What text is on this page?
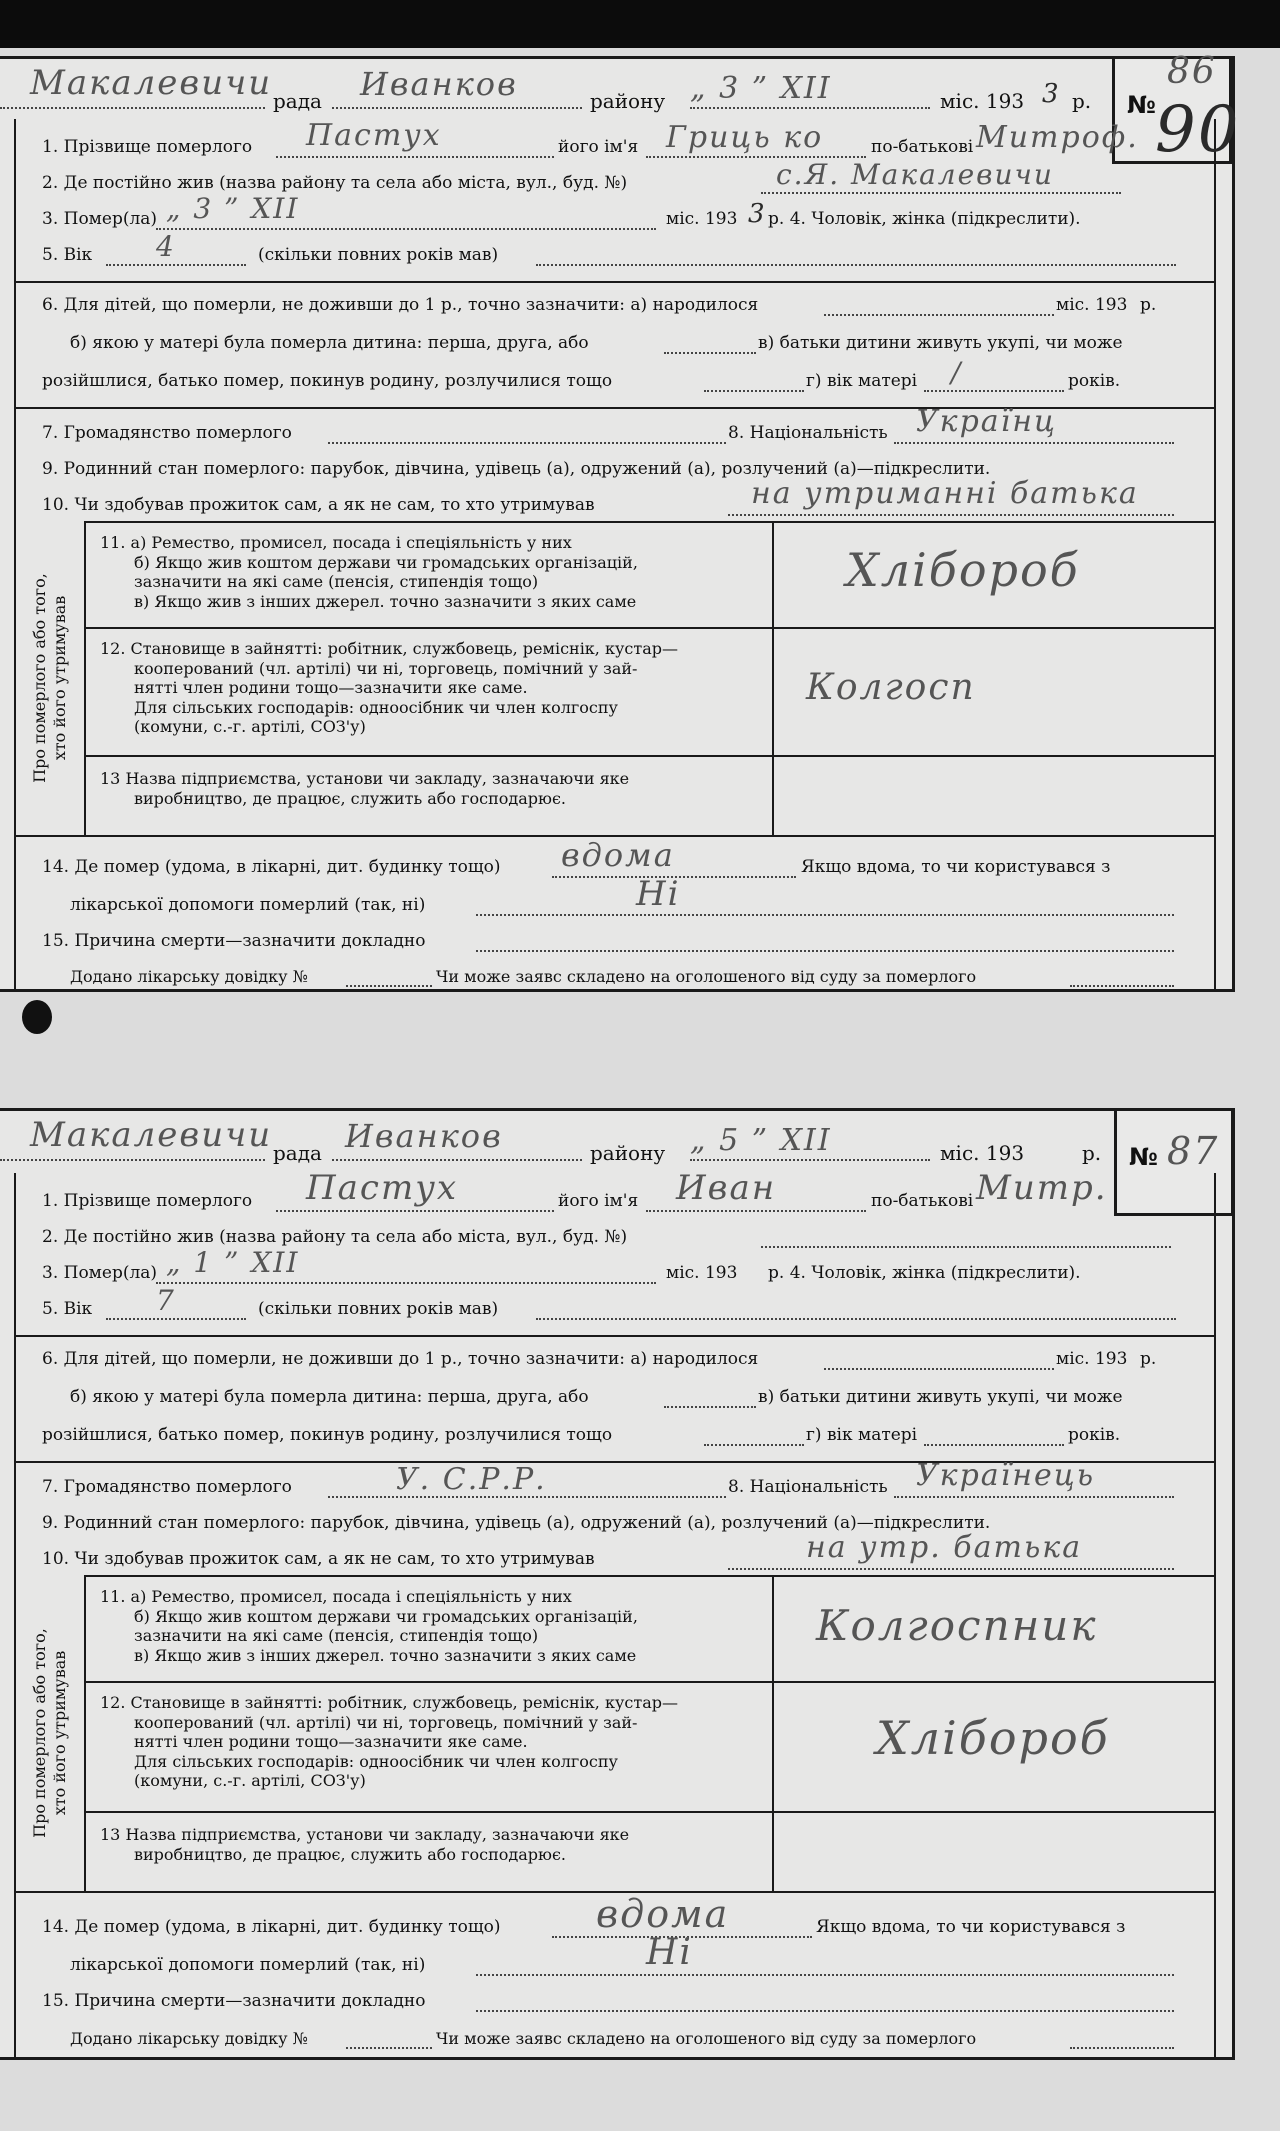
Макалевичи рада	Иванков	району „ 3 ” XII	міс. 193 3 р.	№
86
90
1. Прізвище померлого Пастух	його ім'я Гриць ко	по-батькові Митроф.
2. Де постійно жив (назва району та села або міста, вул., буд. №)	с.Я. Макалевичи
3. Помер(ла) „ 3 ” XII	міс. 193 3 р. 4. Чоловік, жінка (підкреслити).
5. Вік 4	(скільки повних років мав)
6. Для дітей, що померли, не доживши до 1 р., точно зазначити: а) народилося	міс. 193 р.
б) якою у матері була померла дитина: перша, друга, або	в) батьки дитини живуть укупі, чи може
розійшлися, батько помер, покинув родину, розлучилися тощо	г) вік матері /	років.
7. Громадянство померлого	8. Національність Українц
9. Родинний стан померлого: парубок, дівчина, удівець (а), одружений (а), розлучений (а)—підкреслити.
10. Чи здобував прожиток сам, а як не сам, то хто утримував	на утриманні батька
Про померлого або того, хто його утримував
11. а) Ремество, промисел, посада і спеціяльність у них
б) Якщо жив коштом держави чи громадських організацій,
зазначити на які саме (пенсія, стипендія тощо)
в) Якщо жив з інших джерел. точно зазначити з яких саме
Хлібороб
12. Становище в зайнятті: робітник, службовець, реміснік, кустар—
кооперований (чл. артілі) чи ні, торговець, помічний у зай-
нятті член родини тощо—зазначити яке саме.
Для сільських господарів: одноосібник чи член колгоспу
(комуни, с.-г. артілі, СОЗ'у)
Колгосп
13 Назва підприємства, установи чи закладу, зазначаючи яке
виробництво, де працює, служить або господарює.
14. Де помер (удома, в лікарні, дит. будинку тощо) вдома	Якщо вдома, то чи користувався з
лікарської допомоги померлий (так, ні)	Ні
15. Причина смерти—зазначити докладно
Додано лікарську довідку №	Чи може заявс складено на оголошеного від суду за померлого
Макалевичи рада Иванков	району „ 5 ” XII	міс. 193	р.	№ 87
1. Прізвище померлого Пастух	його ім'я Иван	по-батькові Митр.
2. Де постійно жив (назва району та села або міста, вул., буд. №)
3. Помер(ла) „ 1 ” XII	міс. 193 р. 4. Чоловік, жінка (підкреслити).
5. Вік 7	(скільки повних років мав)
6. Для дітей, що померли, не доживши до 1 р., точно зазначити: а) народилося	міс. 193 р.
б) якою у матері була померла дитина: перша, друга, або	в) батьки дитини живуть укупі, чи може
розійшлися, батько помер, покинув родину, розлучилися тощо	г) вік матері	років.
7. Громадянство померлого	У. С.Р.Р.	8. Національність Українець
9. Родинний стан померлого: парубок, дівчина, удівець (а), одружений (а), розлучений (а)—підкреслити.
10. Чи здобував прожиток сам, а як не сам, то хто утримував	на утр. батька
Про померлого або того, хто його утримував
11. а) Ремество, промисел, посада і спеціяльність у них
б) Якщо жив коштом держави чи громадських організацій,
зазначити на які саме (пенсія, стипендія тощо)
в) Якщо жив з інших джерел. точно зазначити з яких саме
Колгоспник
12. Становище в зайнятті: робітник, службовець, реміснік, кустар—
кооперований (чл. артілі) чи ні, торговець, помічний у зай-
нятті член родини тощо—зазначити яке саме.
Для сільських господарів: одноосібник чи член колгоспу
(комуни, с.-г. артілі, СОЗ'у)
Хлібороб
13 Назва підприємства, установи чи закладу, зазначаючи яке
виробництво, де працює, служить або господарює.
14. Де помер (удома, в лікарні, дит. будинку тощо)	вдома	Якщо вдома, то чи користувався з
лікарської допомоги померлий (так, ні)	Ні
15. Причина смерти—зазначити докладно
Додано лікарську довідку №	Чи може заявс складено на оголошеного від суду за померлого
